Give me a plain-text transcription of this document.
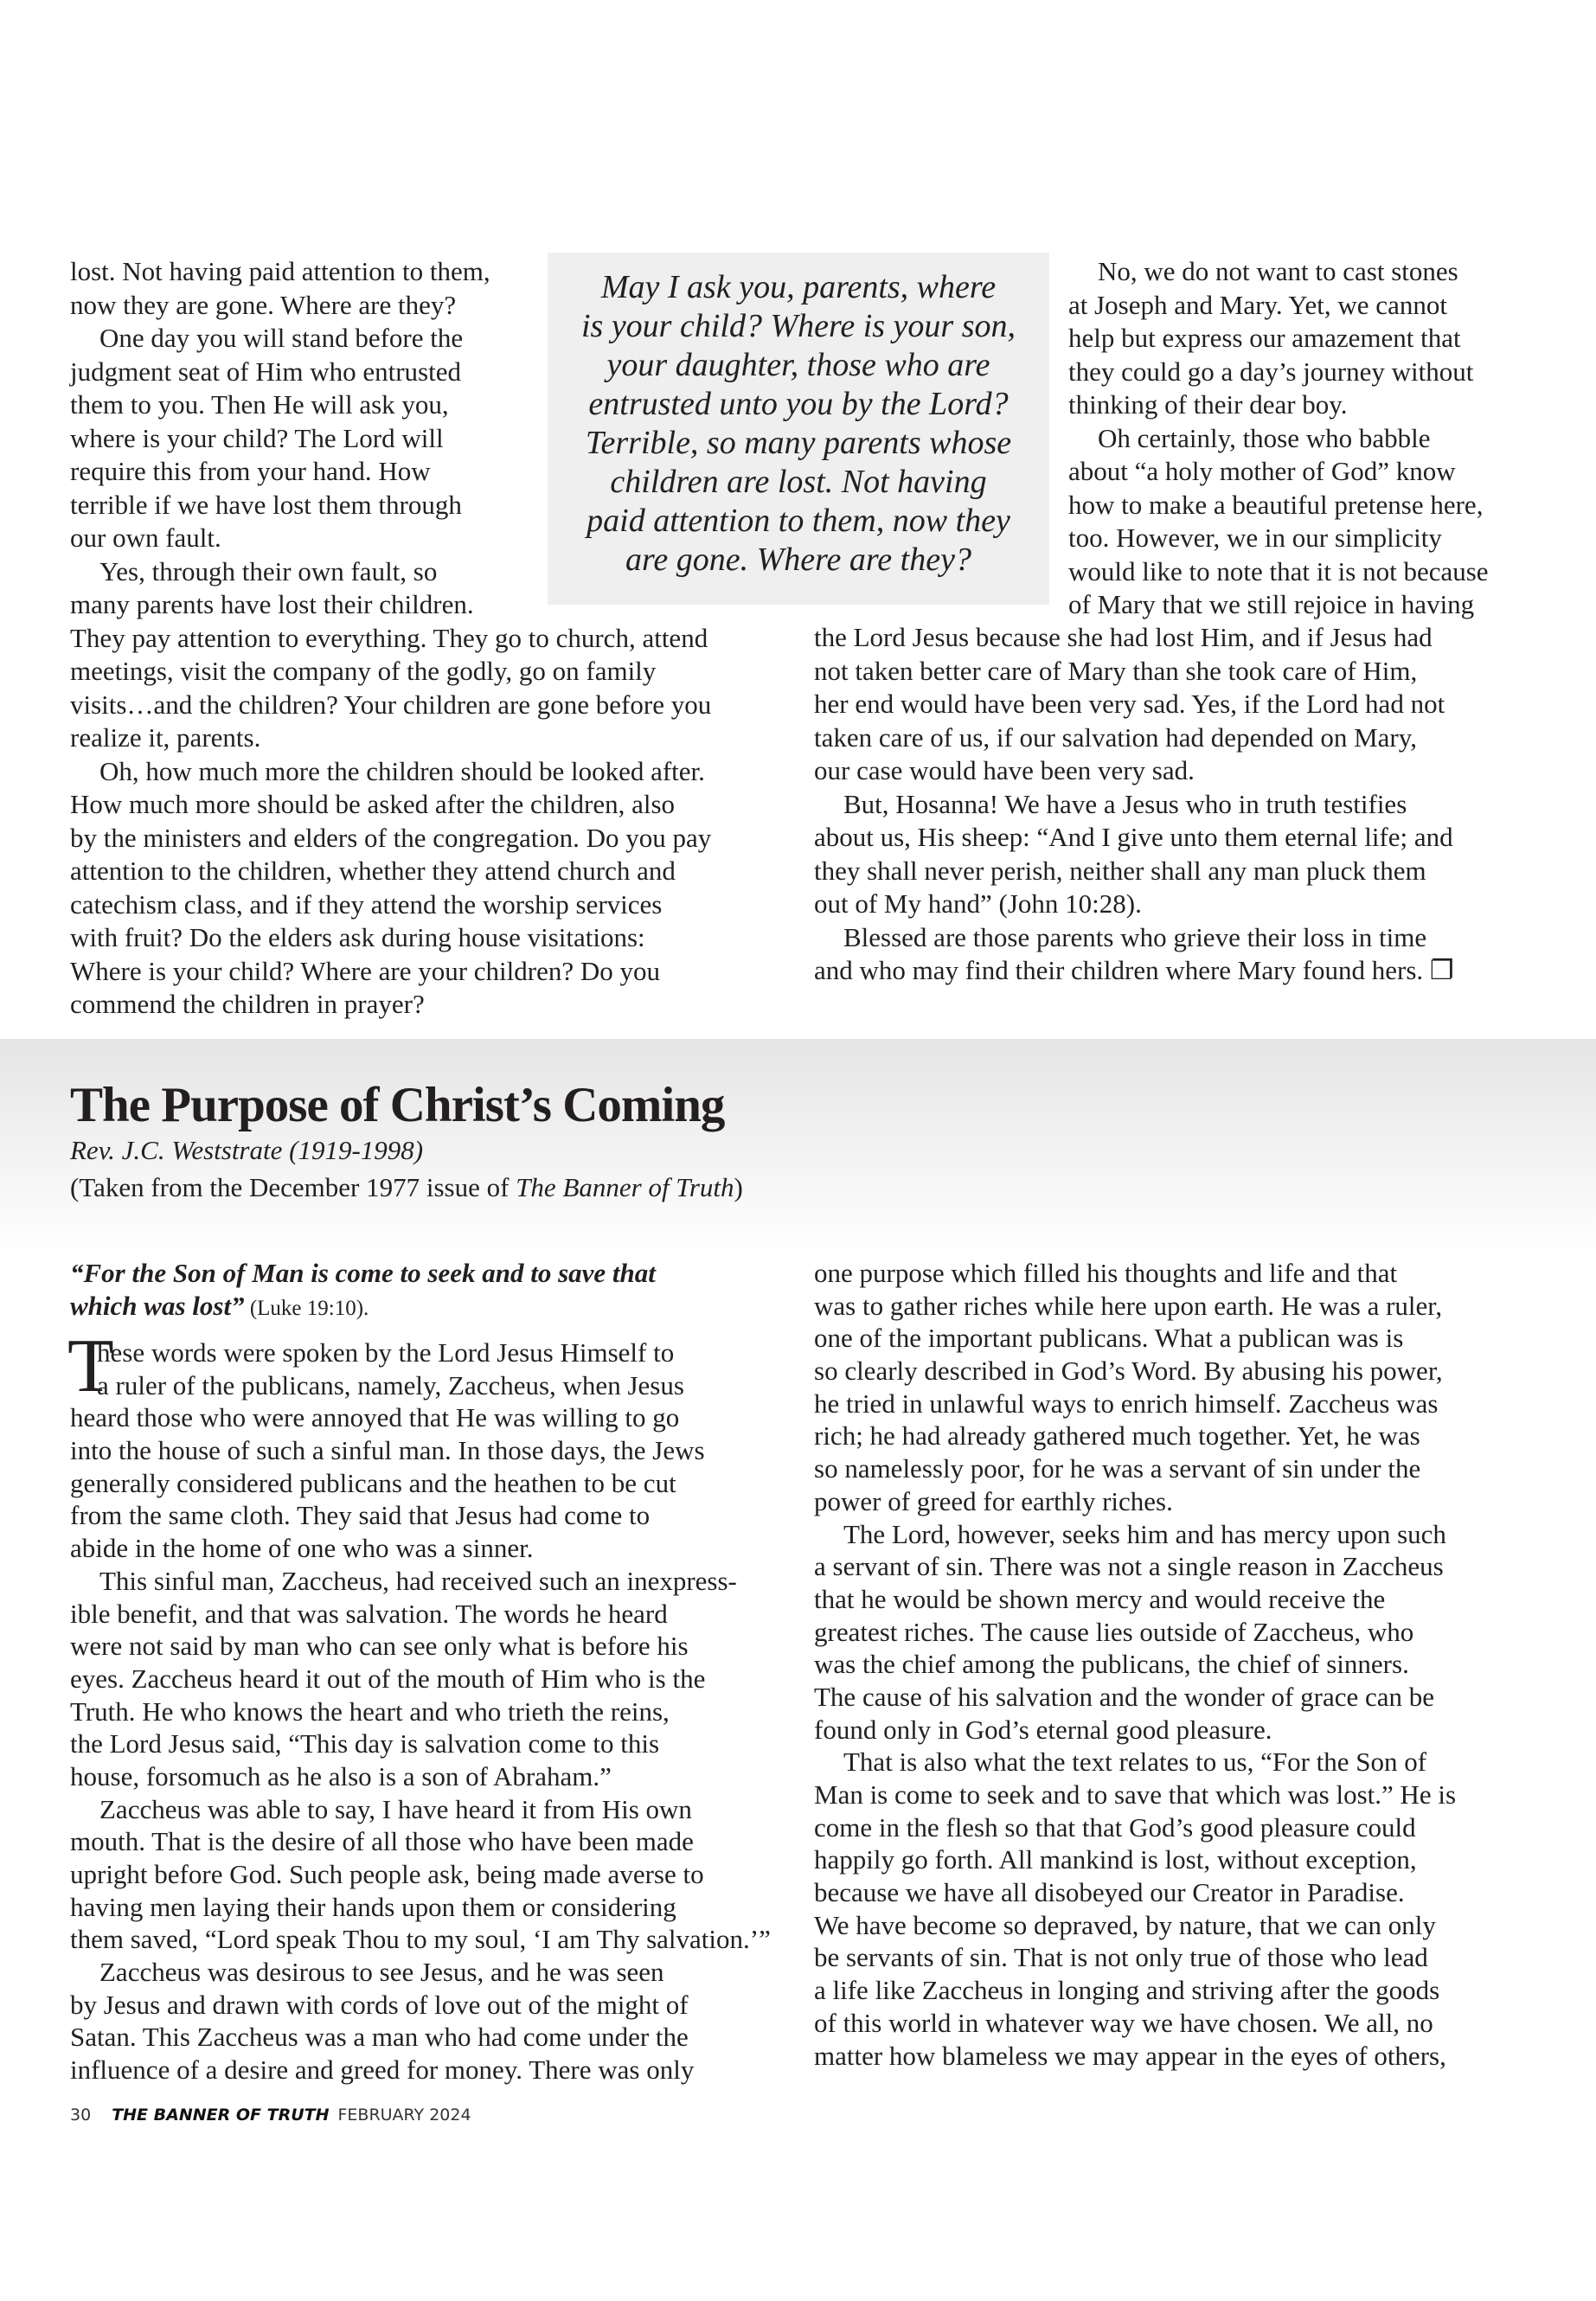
lost. Not having paid attention to them,
now they are gone. Where are they?
One day you will stand before the
judgment seat of Him who entrusted
them to you. Then He will ask you,
where is your child? The Lord will
require this from your hand. How
terrible if we have lost them through
our own fault.
Yes, through their own fault, so
many parents have lost their children.
They pay attention to everything. They go to church, attend
meetings, visit the company of the godly, go on family
visits…and the children? Your children are gone before you
realize it, parents.
Oh, how much more the children should be looked after.
How much more should be asked after the children, also
by the ministers and elders of the congregation. Do you pay
attention to the children, whether they attend church and
catechism class, and if they attend the worship services
with fruit? Do the elders ask during house visitations:
Where is your child? Where are your children? Do you
commend the children in prayer?
May I ask you, parents, where
is your child? Where is your son,
your daughter, those who are
entrusted unto you by the Lord?
Terrible, so many parents whose
children are lost. Not having
paid attention to them, now they
are gone. Where are they?
No, we do not want to cast stones
at Joseph and Mary. Yet, we cannot
help but express our amazement that
they could go a day’s journey without
thinking of their dear boy.
Oh certainly, those who babble
about “a holy mother of God” know
how to make a beautiful pretense here,
too. However, we in our simplicity
would like to note that it is not because
of Mary that we still rejoice in having
the Lord Jesus because she had lost Him, and if Jesus had
not taken better care of Mary than she took care of Him,
her end would have been very sad. Yes, if the Lord had not
taken care of us, if our salvation had depended on Mary,
our case would have been very sad.
But, Hosanna! We have a Jesus who in truth testifies
about us, His sheep: “And I give unto them eternal life; and
they shall never perish, neither shall any man pluck them
out of My hand” (John 10:28).
Blessed are those parents who grieve their loss in time
and who may find their children where Mary found hers. ❐
The Purpose of Christ’s Coming
Rev. J.C. Weststrate (1919-1998)
(Taken from the December 1977 issue of The Banner of Truth)
“For the Son of Man is come to seek and to save that
which was lost” (Luke 19:10).
T
hese words were spoken by the Lord Jesus Himself to
a ruler of the publicans, namely, Zaccheus, when Jesus
heard those who were annoyed that He was willing to go
into the house of such a sinful man. In those days, the Jews
generally considered publicans and the heathen to be cut
from the same cloth. They said that Jesus had come to
abide in the home of one who was a sinner.
This sinful man, Zaccheus, had received such an inexpress-
ible benefit, and that was salvation. The words he heard
were not said by man who can see only what is before his
eyes. Zaccheus heard it out of the mouth of Him who is the
Truth. He who knows the heart and who trieth the reins,
the Lord Jesus said, “This day is salvation come to this
house, forsomuch as he also is a son of Abraham.”
Zaccheus was able to say, I have heard it from His own
mouth. That is the desire of all those who have been made
upright before God. Such people ask, being made averse to
having men laying their hands upon them or considering
them saved, “Lord speak Thou to my soul, ‘I am Thy salvation.’”
Zaccheus was desirous to see Jesus, and he was seen
by Jesus and drawn with cords of love out of the might of
Satan. This Zaccheus was a man who had come under the
influence of a desire and greed for money. There was only
one purpose which filled his thoughts and life and that
was to gather riches while here upon earth. He was a ruler,
one of the important publicans. What a publican was is
so clearly described in God’s Word. By abusing his power,
he tried in unlawful ways to enrich himself. Zaccheus was
rich; he had already gathered much together. Yet, he was
so namelessly poor, for he was a servant of sin under the
power of greed for earthly riches.
The Lord, however, seeks him and has mercy upon such
a servant of sin. There was not a single reason in Zaccheus
that he would be shown mercy and would receive the
greatest riches. The cause lies outside of Zaccheus, who
was the chief among the publicans, the chief of sinners.
The cause of his salvation and the wonder of grace can be
found only in God’s eternal good pleasure.
That is also what the text relates to us, “For the Son of
Man is come to seek and to save that which was lost.” He is
come in the flesh so that that God’s good pleasure could
happily go forth. All mankind is lost, without exception,
because we have all disobeyed our Creator in Paradise.
We have become so depraved, by nature, that we can only
be servants of sin. That is not only true of those who lead
a life like Zaccheus in longing and striving after the goods
of this world in whatever way we have chosen. We all, no
matter how blameless we may appear in the eyes of others,
30 THE BANNER OF TRUTH FEBRUARY 2024
